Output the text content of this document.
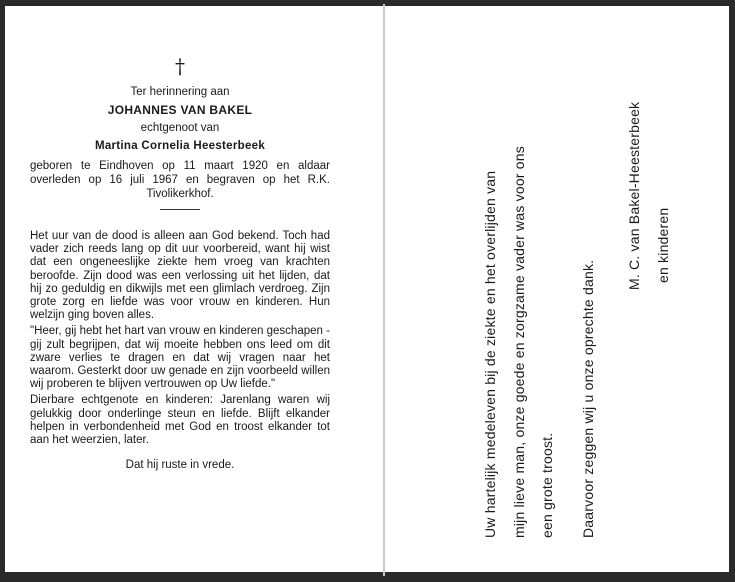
†

Ter herinnering aan

JOHANNES VAN BAKEL

echtgenoot van

Martina Cornelia Heesterbeek

geboren te Eindhoven op 11 maart 1920 en aldaar overleden op 16 juli 1967 en begraven op het R.K. Tivolikerkhof.

Het uur van de dood is alleen aan God bekend. Toch had vader zich reeds lang op dit uur voorbereid, want hij wist dat een ongeneeslijke ziekte hem vroeg van krachten beroofde. Zijn dood was een verlossing uit het lijden, dat hij zo geduldig en dikwijls met een glimlach verdroeg. Zijn grote zorg en liefde was voor vrouw en kinderen. Hun welzijn ging boven alles.

"Heer, gij hebt het hart van vrouw en kinderen geschapen - gij zult begrijpen, dat wij moeite hebben ons leed om dit zware verlies te dragen en dat wij vragen naar het waarom. Gesterkt door uw genade en zijn voorbeeld willen wij proberen te blijven vertrouwen op Uw liefde."

Dierbare echtgenote en kinderen: Jarenlang waren wij gelukkig door onderlinge steun en liefde. Blijft elkander helpen in verbondenheid met God en troost elkander tot aan het weerzien, later.

Dat hij ruste in vrede.	Uw hartelijk medeleven bij de ziekte en het overlijden van mijn lieve man, onze goede en zorgzame vader was voor ons een grote troost. Daarvoor zeggen wij u onze oprechte dank.
M. C. van Bakel-Heesterbeek en kinderen
